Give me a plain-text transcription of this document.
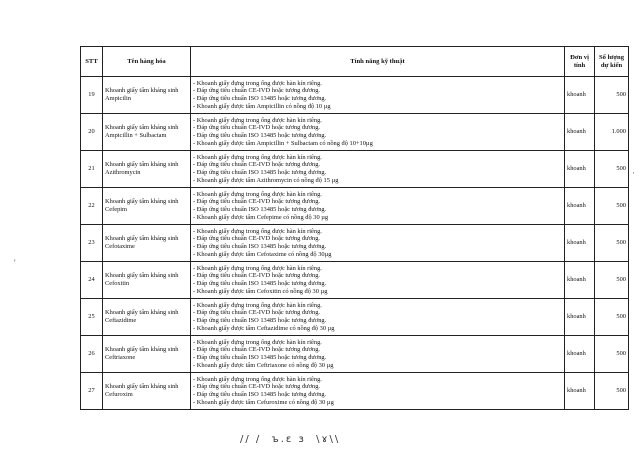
'
·
STT	Tên hàng hóa	Tính năng kỹ thuật	Đơn vị tính	Số lượng dự kiến
19	Khoanh giấy tẩm kháng sinh Ampicilin	- Khoanh giấy đựng trong ống được hàn kín riêng.
- Đáp ứng tiêu chuẩn CE-IVD hoặc tương đương.
- Đáp ứng tiêu chuẩn ISO 13485 hoặc tương đương.
- Khoanh giấy được tẩm Ampicillin có nồng độ 10 µg	khoanh	500
20	Khoanh giấy tẩm kháng sinh Ampicillin + Sulbactam	- Khoanh giấy đựng trong ống được hàn kín riêng.
- Đáp ứng tiêu chuẩn CE-IVD hoặc tương đương.
- Đáp ứng tiêu chuẩn ISO 13485 hoặc tương đương.
- Khoanh giấy được tẩm Ampicillin + Sulbactam có nồng độ 10+10µg	khoanh	1.000
21	Khoanh giấy tẩm kháng sinh Azithromycin	- Khoanh giấy đựng trong ống được hàn kín riêng.
- Đáp ứng tiêu chuẩn CE-IVD hoặc tương đương.
- Đáp ứng tiêu chuẩn ISO 13485 hoặc tương đương.
- Khoanh giấy được tẩm Azithromycin có nồng độ 15 µg	khoanh	500
22	Khoanh giấy tẩm kháng sinh Cefepim	- Khoanh giấy đựng trong ống được hàn kín riêng.
- Đáp ứng tiêu chuẩn CE-IVD hoặc tương đương.
- Đáp ứng tiêu chuẩn ISO 13485 hoặc tương đương.
- Khoanh giấy được tẩm Cefepime có nồng độ 30 µg	khoanh	500
23	Khoanh giấy tẩm kháng sinh Cefotaxime	- Khoanh giấy đựng trong ống được hàn kín riêng.
- Đáp ứng tiêu chuẩn CE-IVD hoặc tương đương.
- Đáp ứng tiêu chuẩn ISO 13485 hoặc tương đương.
- Khoanh giấy được tẩm Cefotaxime có nồng độ 30µg	khoanh	500
24	Khoanh giấy tẩm kháng sinh Cefoxitin	- Khoanh giấy đựng trong ống được hàn kín riêng.
- Đáp ứng tiêu chuẩn CE-IVD hoặc tương đương.
- Đáp ứng tiêu chuẩn ISO 13485 hoặc tương đương.
- Khoanh giấy được tẩm Cefoxitin có nồng độ 30 µg	khoanh	500
25	Khoanh giấy tẩm kháng sinh Ceftazidime	- Khoanh giấy đựng trong ống được hàn kín riêng.
- Đáp ứng tiêu chuẩn CE-IVD hoặc tương đương.
- Đáp ứng tiêu chuẩn ISO 13485 hoặc tương đương.
- Khoanh giấy được tẩm Ceftazidime có nồng độ 30 µg	khoanh	500
26	Khoanh giấy tẩm kháng sinh Ceftriaxone	- Khoanh giấy đựng trong ống được hàn kín riêng.
- Đáp ứng tiêu chuẩn CE-IVD hoặc tương đương.
- Đáp ứng tiêu chuẩn ISO 13485 hoặc tương đương.
- Khoanh giấy được tẩm Ceftriaxone có nồng độ 30 µg	khoanh	500
27	Khoanh giấy tẩm kháng sinh Cefuroxim	- Khoanh giấy đựng trong ống được hàn kín riêng.
- Đáp ứng tiêu chuẩn CE-IVD hoặc tương đương.
- Đáp ứng tiêu chuẩn ISO 13485 hoặc tương đương.
- Khoanh giấy được tẩm Cefuroxime có nồng độ 30 µg	khoanh	500
// /  ъ.ɛ ɜ  \ɤ\\
